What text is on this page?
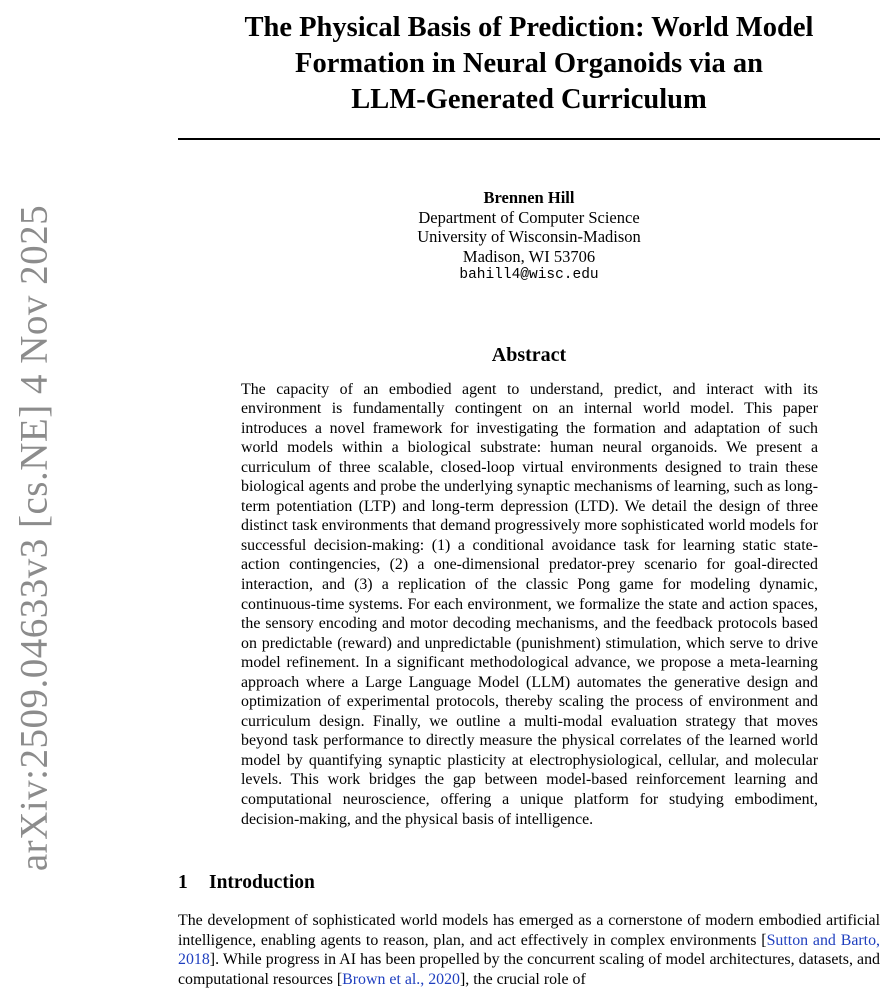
arXiv:2509.04633v3 [cs.NE] 4 Nov 2025
The Physical Basis of Prediction: World Model
Formation in Neural Organoids via an
LLM-Generated Curriculum
Brennen Hill
Department of Computer Science
University of Wisconsin-Madison
Madison, WI 53706
bahill4@wisc.edu
Abstract
The capacity of an embodied agent to understand, predict, and interact with its environment is fundamentally contingent on an internal world model. This paper introduces a novel framework for investigating the formation and adaptation of such world models within a biological substrate: human neural organoids. We present a curriculum of three scalable, closed-loop virtual environments designed to train these biological agents and probe the underlying synaptic mechanisms of learning, such as long-term potentiation (LTP) and long-term depression (LTD). We detail the design of three distinct task environments that demand progressively more sophisticated world models for successful decision-making: (1) a conditional avoidance task for learning static state-action contingencies, (2) a one-dimensional predator-prey scenario for goal-directed interaction, and (3) a replication of the classic Pong game for modeling dynamic, continuous-time systems. For each environment, we formalize the state and action spaces, the sensory encoding and motor decoding mechanisms, and the feedback protocols based on predictable (reward) and unpredictable (punishment) stimulation, which serve to drive model refinement. In a significant methodological advance, we propose a meta-learning approach where a Large Language Model (LLM) automates the generative design and optimization of experimental protocols, thereby scaling the process of environment and curriculum design. Finally, we outline a multi-modal evaluation strategy that moves beyond task performance to directly measure the physical correlates of the learned world model by quantifying synaptic plasticity at electrophysiological, cellular, and molecular levels. This work bridges the gap between model-based reinforcement learning and computational neuroscience, offering a unique platform for studying embodiment, decision-making, and the physical basis of intelligence.
1 Introduction
The development of sophisticated world models has emerged as a cornerstone of modern embodied artificial intelligence, enabling agents to reason, plan, and act effectively in complex environments [Sutton and Barto, 2018]. While progress in AI has been propelled by the concurrent scaling of model architectures, datasets, and computational resources [Brown et al., 2020], the crucial role of
